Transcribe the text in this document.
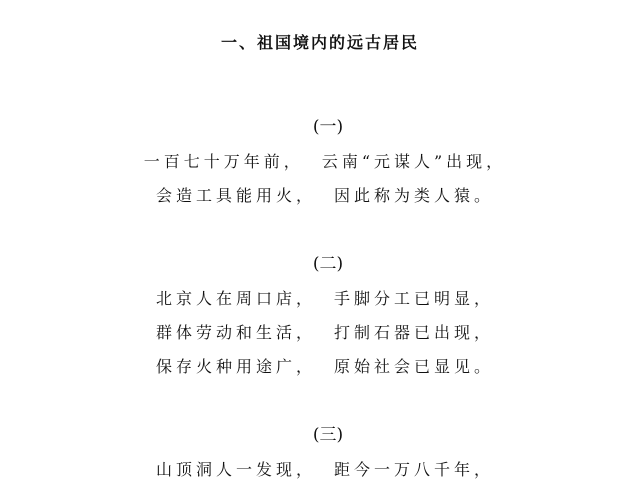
一、祖国境内的远古居民
(一)
一百七十万年前， 云南“元谋人”出现，
会造工具能用火， 因此称为类人猿。
(二)
北京人在周口店， 手脚分工已明显，
群体劳动和生活， 打制石器已出现，
保存火种用途广， 原始社会已显见。
(三)
山顶洞人一发现， 距今一万八千年，
